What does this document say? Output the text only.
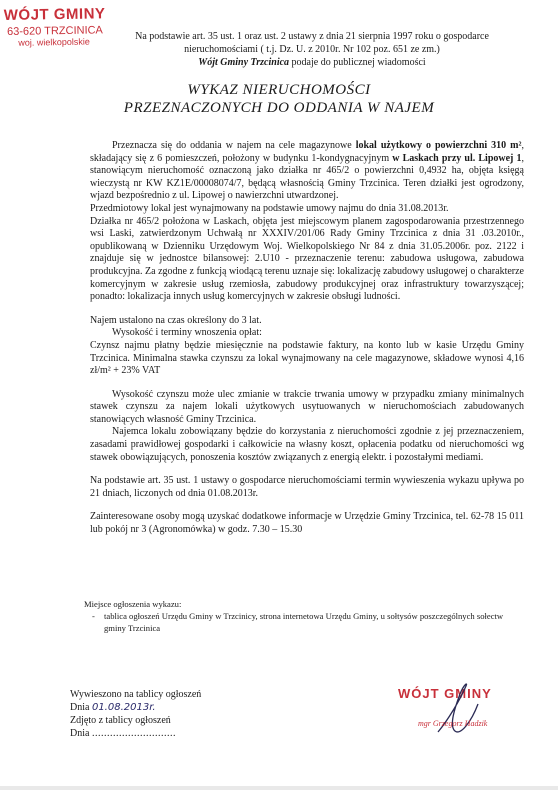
WÓJT GMINY
63-620 TRZCINICA
woj. wielkopolskie
Na podstawie art. 35 ust. 1 oraz ust. 2 ustawy z dnia 21 sierpnia 1997 roku o gospodarce
nieruchomościami ( t.j. Dz. U. z 2010r. Nr 102 poz. 651 ze zm.)
Wójt Gminy Trzcinica podaje do publicznej wiadomości
WYKAZ NIERUCHOMOŚCI
PRZEZNACZONYCH DO ODDANIA W NAJEM

Przeznacza się do oddania w najem na cele magazynowe lokal użytkowy o powierzchni 310 m², składający się z 6 pomieszczeń, położony w budynku 1-kondygnacyjnym w Laskach przy ul. Lipowej 1, stanowiącym nieruchomość oznaczoną jako działka nr 465/2 o powierzchni 0,4932 ha, objęta księgą wieczystą nr KW KZ1E/00008074/7, będącą własnością Gminy Trzcinica. Teren działki jest ogrodzony, wjazd bezpośrednio z ul. Lipowej o nawierzchni utwardzonej.

Przedmiotowy lokal jest wynajmowany na podstawie umowy najmu do dnia 31.08.2013r.

Działka nr 465/2 położona w Laskach, objęta jest miejscowym planem zagospodarowania przestrzennego wsi Laski, zatwierdzonym Uchwałą nr XXXIV/201/06 Rady Gminy Trzcinica z dnia 31 .03.2010r., opublikowaną w Dzienniku Urzędowym Woj. Wielkopolskiego Nr 84 z dnia 31.05.2006r. poz. 2122 i znajduje się w jednostce bilansowej: 2.U10 - przeznaczenie terenu: zabudowa usługowa, zabudowa produkcyjna. Za zgodne z funkcją wiodącą terenu uznaje się: lokalizację zabudowy usługowej o charakterze komercyjnym w zakresie usług rzemiosła, zabudowy produkcyjnej oraz infrastruktury towarzyszącej; ponadto: lokalizacja innych usług komercyjnych w zakresie obsługi ludności.

Najem ustalono na czas określony do 3 lat.

Wysokość i terminy wnoszenia opłat:

Czynsz najmu płatny będzie miesięcznie na podstawie faktury, na konto lub w kasie Urzędu Gminy Trzcinica. Minimalna stawka czynszu za lokal wynajmowany na cele magazynowe, składowe wynosi 4,16 zł/m² + 23% VAT

Wysokość czynszu może ulec zmianie w trakcie trwania umowy w przypadku zmiany minimalnych stawek czynszu za najem lokali użytkowych usytuowanych w nieruchomościach zabudowanych stanowiących własność Gminy Trzcinica.

Najemca lokalu zobowiązany będzie do korzystania z nieruchomości zgodnie z jej przeznaczeniem, zasadami prawidłowej gospodarki i całkowicie na własny koszt, opłacenia podatku od nieruchomości wg stawek obowiązujących, ponoszenia kosztów związanych z energią elektr. i pozostałymi mediami.

Na podstawie art. 35 ust. 1 ustawy o gospodarce nieruchomościami termin wywieszenia wykazu upływa po 21 dniach, liczonych od dnia 01.08.2013r.

Zainteresowane osoby mogą uzyskać dodatkowe informacje w Urzędzie Gminy Trzcinica, tel. 62-78 15 011 lub pokój nr 3 (Agronomówka) w godz. 7.30 – 15.30

Miejsce ogłoszenia wykazu:
- tablica ogłoszeń Urzędu Gminy w Trzcinicy, strona internetowa Urzędu Gminy, u sołtysów poszczególnych sołectw gminy Trzcinica
Wywieszono na tablicy ogłoszeń
Dnia 01.08.2013r.
Zdjęto z tablicy ogłoszeń
Dnia ............................
WÓJT GMINY
mgr Grzegorz Hadzik
